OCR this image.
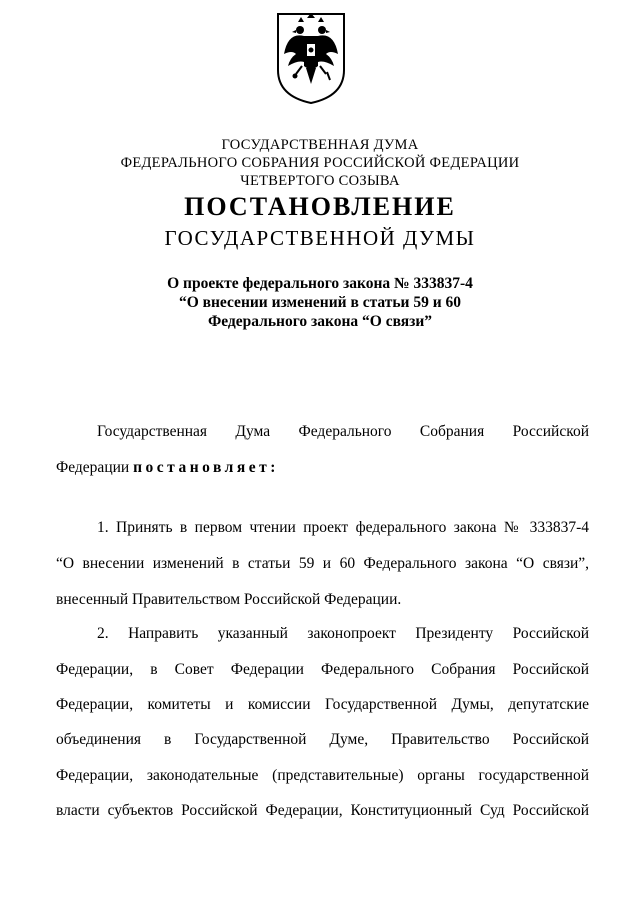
ГОСУДАРСТВЕННАЯ ДУМА
ФЕДЕРАЛЬНОГО СОБРАНИЯ РОССИЙСКОЙ ФЕДЕРАЦИИ
ЧЕТВЕРТОГО СОЗЫВА
ПОСТАНОВЛЕНИЕ
ГОСУДАРСТВЕННОЙ ДУМЫ
О проекте федерального закона № 333837-4
“О внесении изменений в статьи 59 и 60
Федерального закона “О связи”
Государственная Дума Федерального Собрания Российской
Федерации постановляет:
1. Принять в первом чтении проект федерального закона № 333837-4
“О внесении изменений в статьи 59 и 60 Федерального закона “О связи”,
внесенный Правительством Российской Федерации.
2. Направить указанный законопроект Президенту Российской
Федерации, в Совет Федерации Федерального Собрания Российской
Федерации, комитеты и комиссии Государственной Думы, депутатские
объединения в Государственной Думе, Правительство Российской
Федерации, законодательные (представительные) органы государственной
власти субъектов Российской Федерации, Конституционный Суд Российской
